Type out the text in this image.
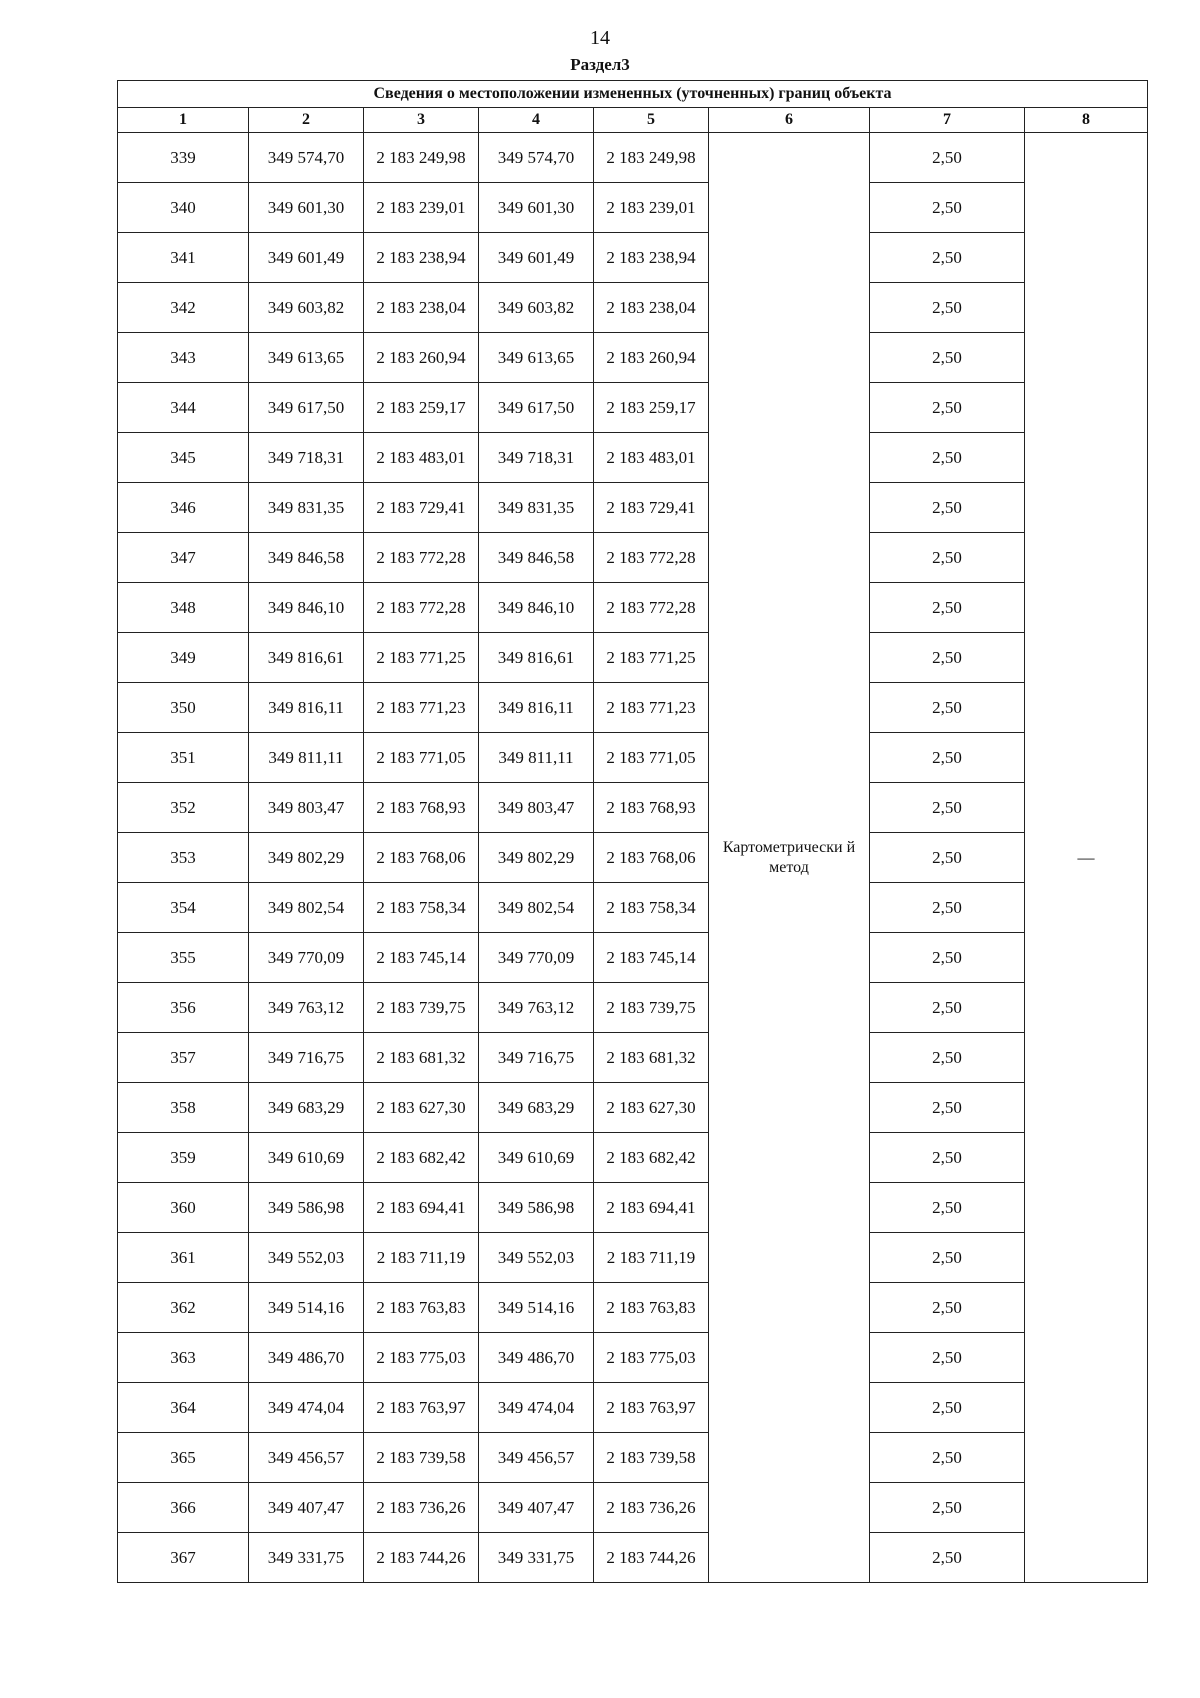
14
Раздел3
Сведения о местоположении измененных (уточненных) границ объекта							
1	2	3	4	5	6	7	8
339	349 574,70	2 183 249,98	349 574,70	2 183 249,98	Картометрически й метод	2,50	—
340	349 601,30	2 183 239,01	349 601,30	2 183 239,01		2,50	
341	349 601,49	2 183 238,94	349 601,49	2 183 238,94		2,50	
342	349 603,82	2 183 238,04	349 603,82	2 183 238,04		2,50	
343	349 613,65	2 183 260,94	349 613,65	2 183 260,94		2,50	
344	349 617,50	2 183 259,17	349 617,50	2 183 259,17		2,50	
345	349 718,31	2 183 483,01	349 718,31	2 183 483,01		2,50	
346	349 831,35	2 183 729,41	349 831,35	2 183 729,41		2,50	
347	349 846,58	2 183 772,28	349 846,58	2 183 772,28		2,50	
348	349 846,10	2 183 772,28	349 846,10	2 183 772,28		2,50	
349	349 816,61	2 183 771,25	349 816,61	2 183 771,25		2,50	
350	349 816,11	2 183 771,23	349 816,11	2 183 771,23		2,50	
351	349 811,11	2 183 771,05	349 811,11	2 183 771,05		2,50	
352	349 803,47	2 183 768,93	349 803,47	2 183 768,93		2,50	
353	349 802,29	2 183 768,06	349 802,29	2 183 768,06		2,50	
354	349 802,54	2 183 758,34	349 802,54	2 183 758,34		2,50	
355	349 770,09	2 183 745,14	349 770,09	2 183 745,14		2,50	
356	349 763,12	2 183 739,75	349 763,12	2 183 739,75		2,50	
357	349 716,75	2 183 681,32	349 716,75	2 183 681,32		2,50	
358	349 683,29	2 183 627,30	349 683,29	2 183 627,30		2,50	
359	349 610,69	2 183 682,42	349 610,69	2 183 682,42		2,50	
360	349 586,98	2 183 694,41	349 586,98	2 183 694,41		2,50	
361	349 552,03	2 183 711,19	349 552,03	2 183 711,19		2,50	
362	349 514,16	2 183 763,83	349 514,16	2 183 763,83		2,50	
363	349 486,70	2 183 775,03	349 486,70	2 183 775,03		2,50	
364	349 474,04	2 183 763,97	349 474,04	2 183 763,97		2,50	
365	349 456,57	2 183 739,58	349 456,57	2 183 739,58		2,50	
366	349 407,47	2 183 736,26	349 407,47	2 183 736,26		2,50	
367	349 331,75	2 183 744,26	349 331,75	2 183 744,26		2,50	
